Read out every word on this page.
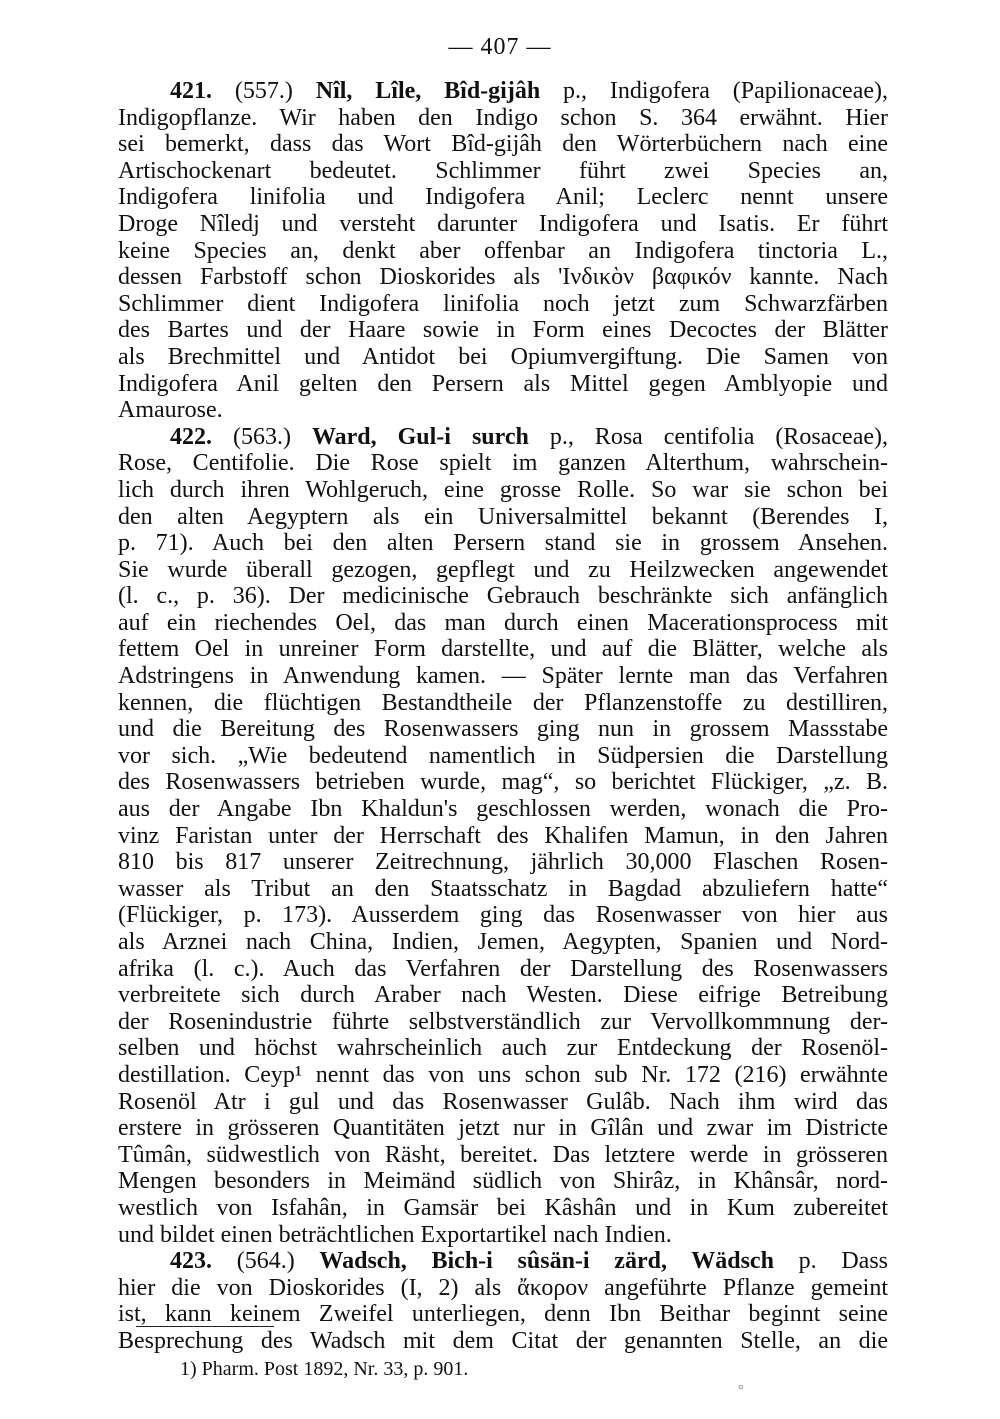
— 407 —
421. (557.) Nîl, Lîle, Bîd-gijâh p., Indigofera (Papilionaceae),
Indigopflanze. Wir haben den Indigo schon S. 364 erwähnt. Hier
sei bemerkt, dass das Wort Bîd-gijâh den Wörterbüchern nach eine
Artischockenart bedeutet. Schlimmer führt zwei Species an,
Indigofera linifolia und Indigofera Anil; Leclerc nennt unsere
Droge Nîledj und versteht darunter Indigofera und Isatis. Er führt
keine Species an, denkt aber offenbar an Indigofera tinctoria L.,
dessen Farbstoff schon Dioskorides als 'Ινδικὸν βαφικόν kannte. Nach
Schlimmer dient Indigofera linifolia noch jetzt zum Schwarzfärben
des Bartes und der Haare sowie in Form eines Decoctes der Blätter
als Brechmittel und Antidot bei Opiumvergiftung. Die Samen von
Indigofera Anil gelten den Persern als Mittel gegen Amblyopie und
Amaurose.
422. (563.) Ward, Gul-i surch p., Rosa centifolia (Rosaceae),
Rose, Centifolie. Die Rose spielt im ganzen Alterthum, wahrschein-
lich durch ihren Wohlgeruch, eine grosse Rolle. So war sie schon bei
den alten Aegyptern als ein Universalmittel bekannt (Berendes I,
p. 71). Auch bei den alten Persern stand sie in grossem Ansehen.
Sie wurde überall gezogen, gepflegt und zu Heilzwecken angewendet
(l. c., p. 36). Der medicinische Gebrauch beschränkte sich anfänglich
auf ein riechendes Oel, das man durch einen Macerationsprocess mit
fettem Oel in unreiner Form darstellte, und auf die Blätter, welche als
Adstringens in Anwendung kamen. — Später lernte man das Verfahren
kennen, die flüchtigen Bestandtheile der Pflanzenstoffe zu destilliren,
und die Bereitung des Rosenwassers ging nun in grossem Massstabe
vor sich. „Wie bedeutend namentlich in Südpersien die Darstellung
des Rosenwassers betrieben wurde, mag“, so berichtet Flückiger, „z. B.
aus der Angabe Ibn Khaldun's geschlossen werden, wonach die Pro-
vinz Faristan unter der Herrschaft des Khalifen Mamun, in den Jahren
810 bis 817 unserer Zeitrechnung, jährlich 30,000 Flaschen Rosen-
wasser als Tribut an den Staatsschatz in Bagdad abzuliefern hatte“
(Flückiger, p. 173). Ausserdem ging das Rosenwasser von hier aus
als Arznei nach China, Indien, Jemen, Aegypten, Spanien und Nord-
afrika (l. c.). Auch das Verfahren der Darstellung des Rosenwassers
verbreitete sich durch Araber nach Westen. Diese eifrige Betreibung
der Rosenindustrie führte selbstverständlich zur Vervollkommnung der-
selben und höchst wahrscheinlich auch zur Entdeckung der Rosenöl-
destillation. Ceyp¹ nennt das von uns schon sub Nr. 172 (216) erwähnte
Rosenöl Atr i gul und das Rosenwasser Gulâb. Nach ihm wird das
erstere in grösseren Quantitäten jetzt nur in Gîlân und zwar im Districte
Tûmân, südwestlich von Räsht, bereitet. Das letztere werde in grösseren
Mengen besonders in Meimänd südlich von Shirâz, in Khânsâr, nord-
westlich von Isfahân, in Gamsär bei Kâshân und in Kum zubereitet
und bildet einen beträchtlichen Exportartikel nach Indien.
423. (564.) Wadsch, Bich-i sûsän-i zärd, Wädsch p. Dass
hier die von Dioskorides (I, 2) als ἄκορον angeführte Pflanze gemeint
ist, kann keinem Zweifel unterliegen, denn Ibn Beithar beginnt seine
Besprechung des Wadsch mit dem Citat der genannten Stelle, an die
1) Pharm. Post 1892, Nr. 33, p. 901.
°
